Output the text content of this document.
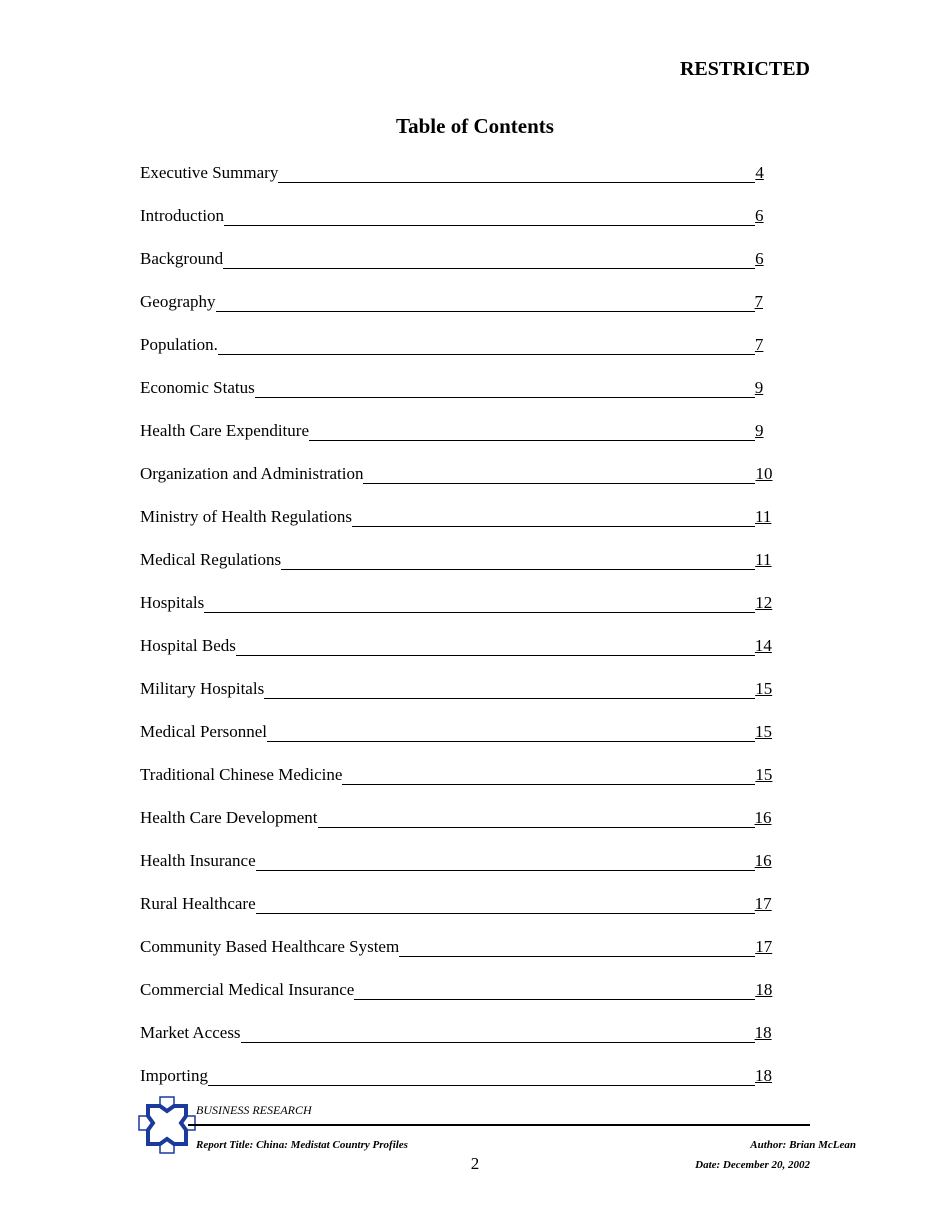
RESTRICTED
Table of Contents
Executive Summary	4
Introduction	6
Background	6
Geography	7
Population.	7
Economic Status	9
Health Care Expenditure	9
Organization and Administration	10
Ministry of Health Regulations	11
Medical Regulations	11
Hospitals	12
Hospital Beds	14
Military Hospitals	15
Medical Personnel	15
Traditional Chinese Medicine	15
Health Care Development	16
Health Insurance	16
Rural Healthcare	17
Community Based Healthcare System	17
Commercial Medical Insurance	18
Market Access	18
Importing	18
BUSINESS RESEARCH
Report Title: China: Medistat Country Profiles	Author: Brian McLean
2	Date: December 20, 2002
